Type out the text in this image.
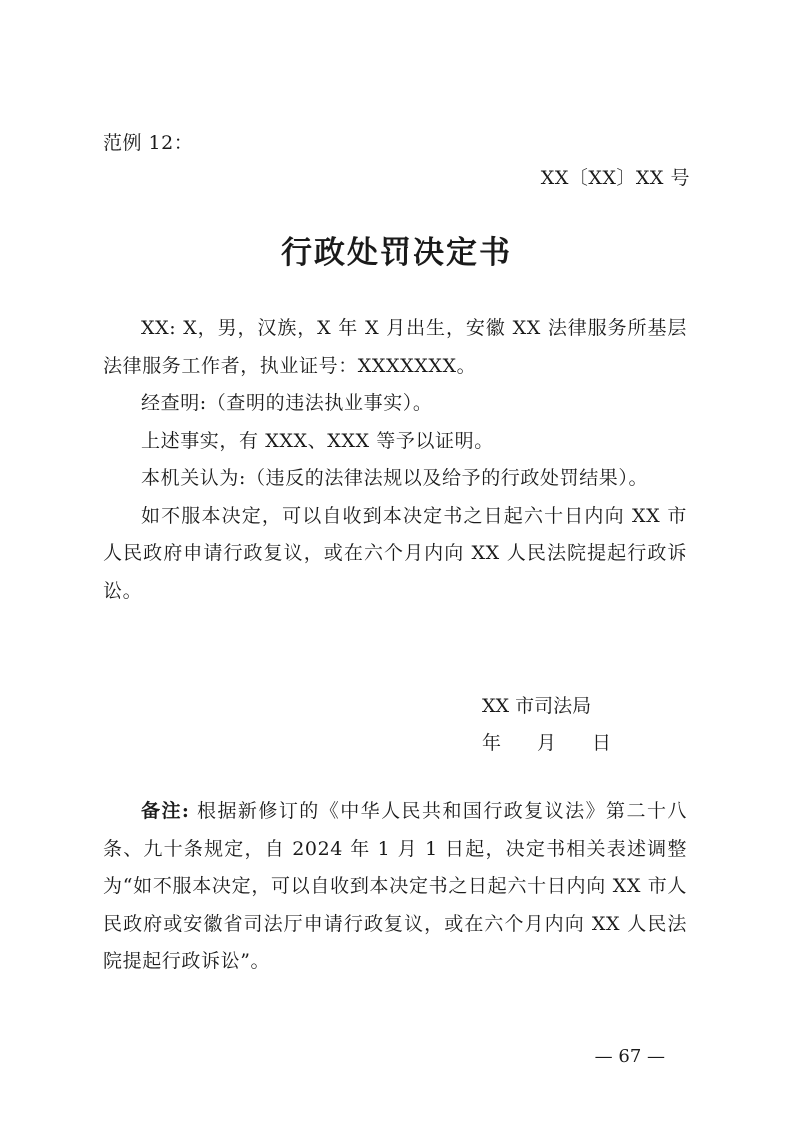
范例 12：
XX〔XX〕XX 号
行政处罚决定书

XX: X，男，汉族，X 年 X 月出生，安徽 XX 法律服务所基层法律服务工作者，执业证号：XXXXXXX。

经查明:（查明的违法执业事实）。

上述事实，有 XXX、XXX 等予以证明。

本机关认为:（违反的法律法规以及给予的行政处罚结果）。

如不服本决定，可以自收到本决定书之日起六十日内向 XX 市人民政府申请行政复议，或在六个月内向 XX 人民法院提起行政诉讼。

XX 市司法局
年 月 日

备注: 根据新修订的《中华人民共和国行政复议法》第二十八条、九十条规定，自 2024 年 1 月 1 日起，决定书相关表述调整为“如不服本决定，可以自收到本决定书之日起六十日内向 XX 市人民政府或安徽省司法厅申请行政复议，或在六个月内向 XX 人民法院提起行政诉讼”。

— 67 —
